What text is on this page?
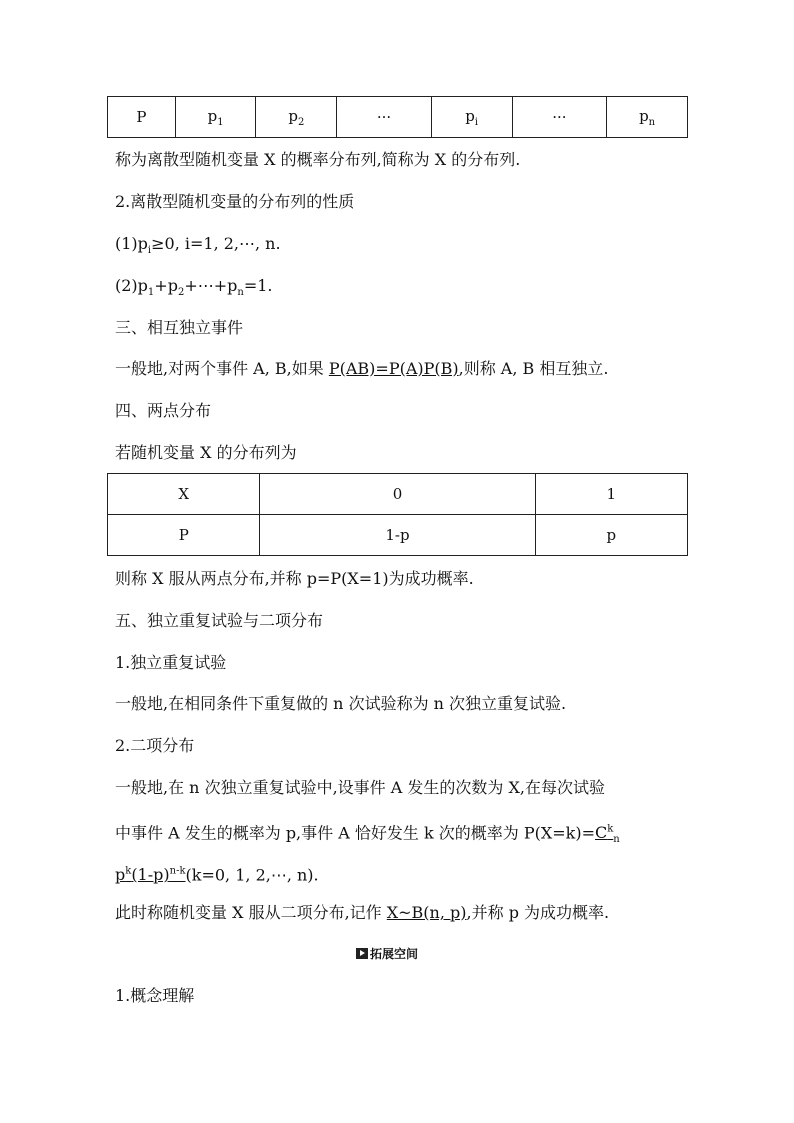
P	$p_1$	$p_2$	···	$p_i$	···	$p_n$
称为离散型随机变量 X 的概率分布列,简称为 X 的分布列.
2.离散型随机变量的分布列的性质
$(1)p_i\ge 0$, i=1, 2,⋯, n.
$(2)p_1+p_2+\cdots+p_n=1$.
三、相互独立事件
一般地,对两个事件 A, B,如果 P(AB)=P(A)P(B),则称 A, B 相互独立.
四、两点分布
若随机变量 X 的分布列为
X	0	1
P	1-p	p
则称 X 服从两点分布,并称 p=P(X=1)为成功概率.
五、独立重复试验与二项分布
1.独立重复试验
一般地,在相同条件下重复做的 n 次试验称为 n 次独立重复试验.
2.二项分布
一般地,在 n 次独立重复试验中,设事件 A 发生的次数为 X,在每次试验
中事件 A 发生的概率为 p,事件 A 恰好发生 k 次的概率为 $P(X=k)=C^k_n$
$p^k(1-p)^{n-k}(k=0$, 1, 2,⋯, n).
此时称随机变量 X 服从二项分布,记作 X~B(n, p),并称 p 为成功概率.
拓展空间
1.概念理解
